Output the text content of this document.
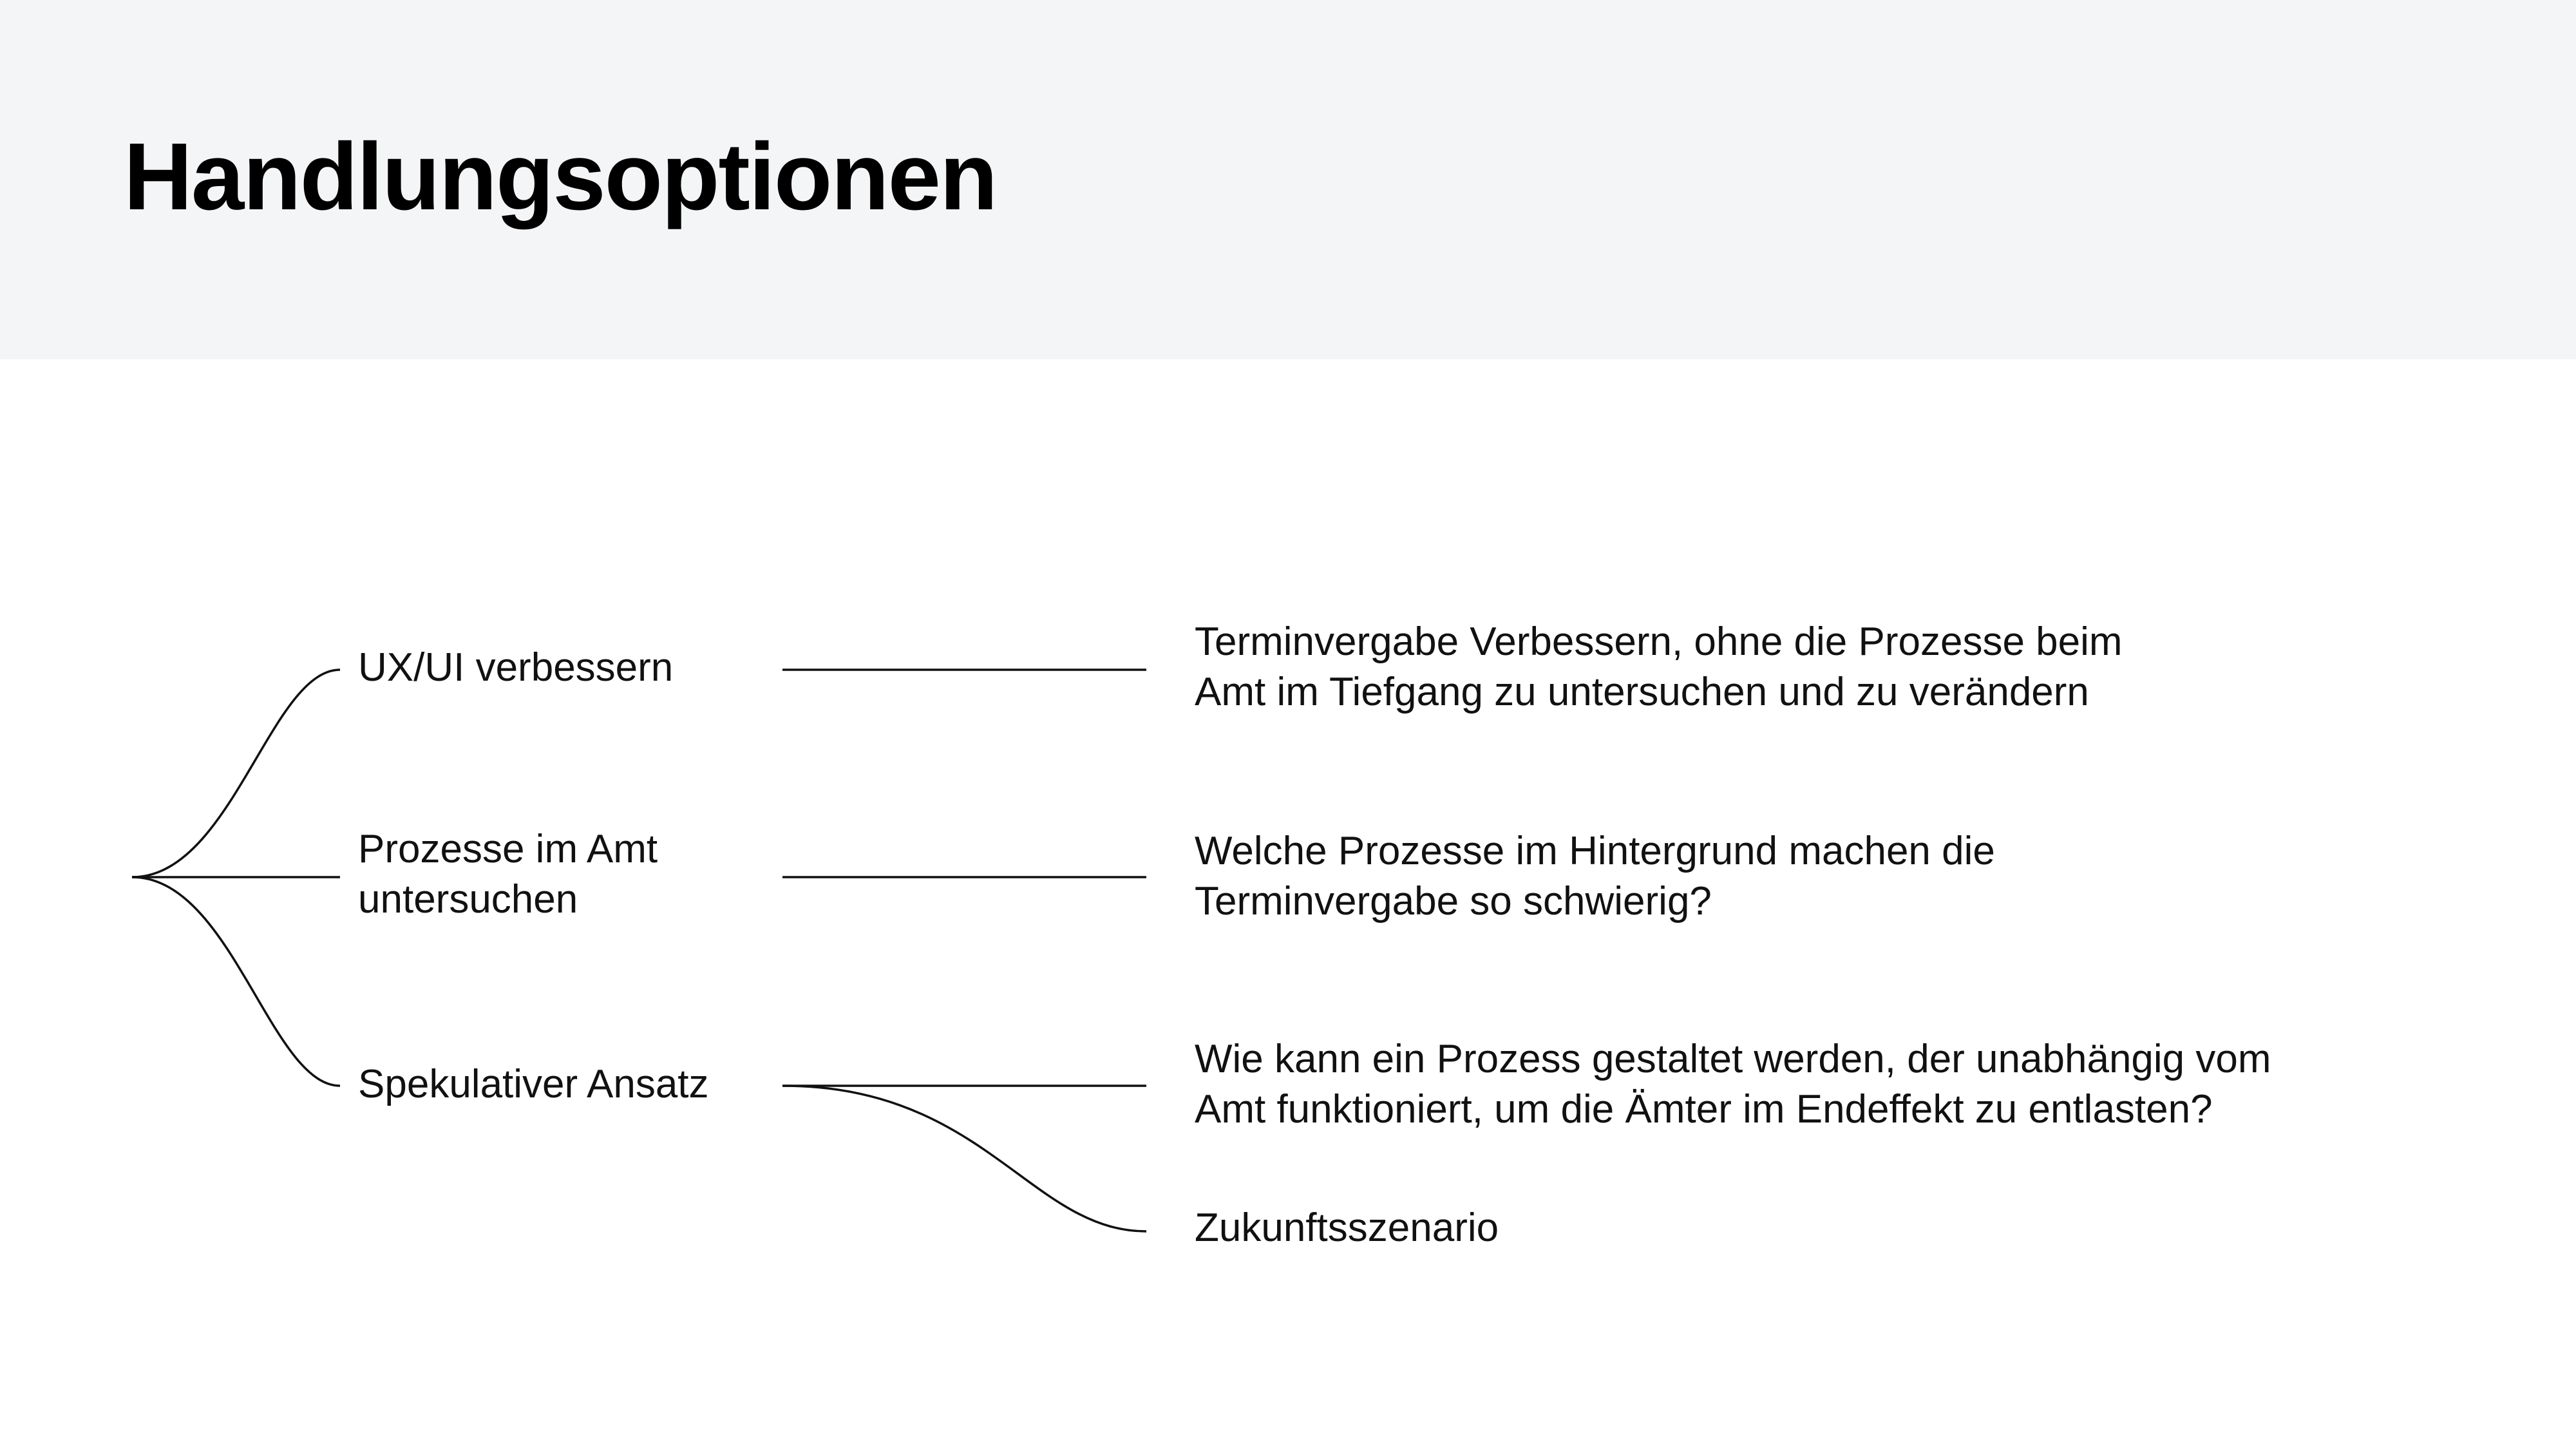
Handlungsoptionen

UX/UI verbessern

Prozesse im Amt
untersuchen

Spekulativer Ansatz

Terminvergabe Verbessern, ohne die Prozesse beim
Amt im Tiefgang zu untersuchen und zu verändern

Welche Prozesse im Hintergrund machen die
Terminvergabe so schwierig?

Wie kann ein Prozess gestaltet werden, der unabhängig vom
Amt funktioniert, um die Ämter im Endeffekt zu entlasten?

Zukunftsszenario
